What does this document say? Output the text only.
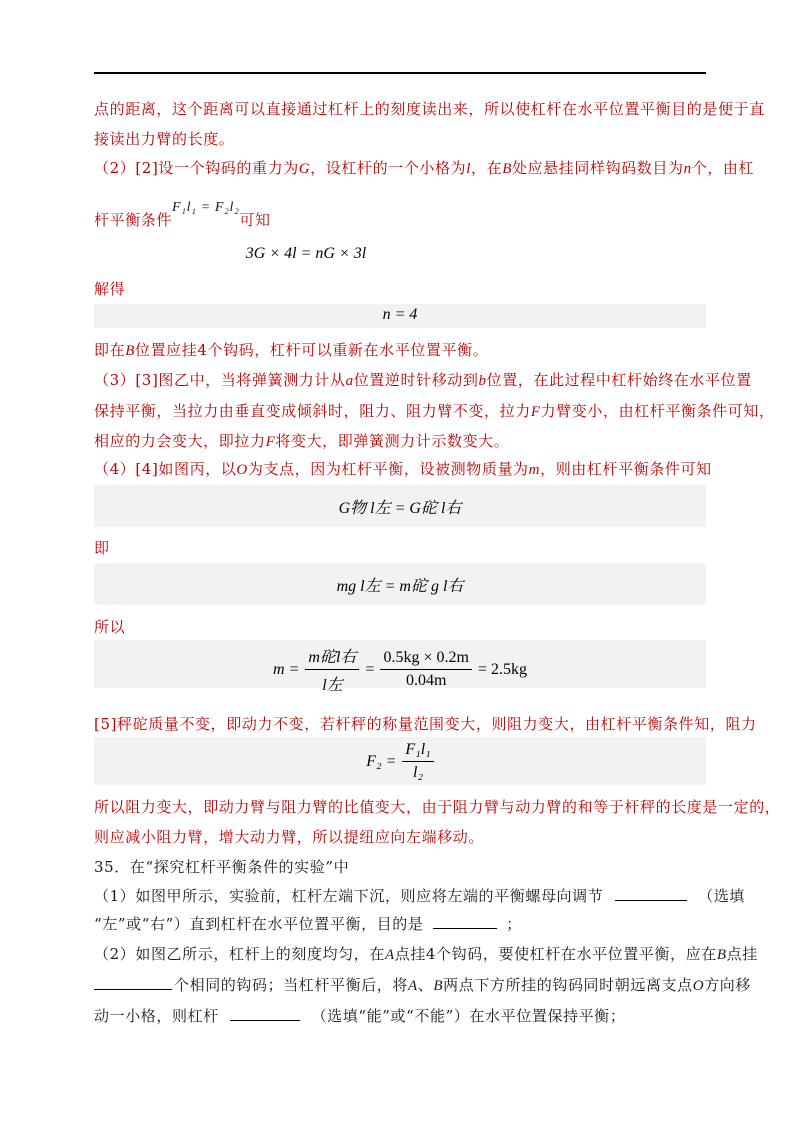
点的距离，这个距离可以直接通过杠杆上的刻度读出来，所以使杠杆在水平位置平衡目的是便于直
接读出力臂的长度。
（2）[2]设一个钩码的重力为G，设杠杆的一个小格为l，在B处应悬挂同样钩码数目为n个，由杠
杆平衡条件F₁l₁ = F₂l₂可知
3G × 4l = nG × 3l
解得
n = 4
即在B位置应挂4个钩码，杠杆可以重新在水平位置平衡。
（3）[3]图乙中，当将弹簧测力计从a位置逆时针移动到b位置，在此过程中杠杆始终在水平位置
保持平衡，当拉力由垂直变成倾斜时，阻力、阻力臂不变，拉力F力臂变小，由杠杆平衡条件可知，
相应的力会变大，即拉力F将变大，即弹簧测力计示数变大。
（4）[4]如图丙，以O为支点，因为杠杆平衡，设被测物质量为m，则由杠杆平衡条件可知
G物 l左 = G砣 l右
即
mg l左 = m砣 g l右
所以
$m = \frac{\text{m砣l右}}{\text{l左}} = \frac{0.5kg \times 0.2m}{0.04m} = 2.5kg$
[5]秤砣质量不变，即动力不变，若杆秤的称量范围变大，则阻力变大，由杠杆平衡条件知，阻力
$F_2 = \frac{\text{F₁l₁}}{\text{l₂}}$
所以阻力变大，即动力臂与阻力臂的比值变大，由于阻力臂与动力臂的和等于杆秤的长度是一定的，
则应减小阻力臂，增大动力臂，所以提纽应向左端移动。
35．在“探究杠杆平衡条件的实验”中
（1）如图甲所示，实验前，杠杆左端下沉，则应将左端的平衡螺母向调节	（选填
“左”或“右”）直到杠杆在水平位置平衡，目的是	；
（2）如图乙所示，杠杆上的刻度均匀，在A点挂4个钩码，要使杠杆在水平位置平衡，应在B点挂
个相同的钩码；当杠杆平衡后，将A、B两点下方所挂的钩码同时朝远离支点O方向移
动一小格，则杠杆	（选填“能”或“不能”）在水平位置保持平衡；
